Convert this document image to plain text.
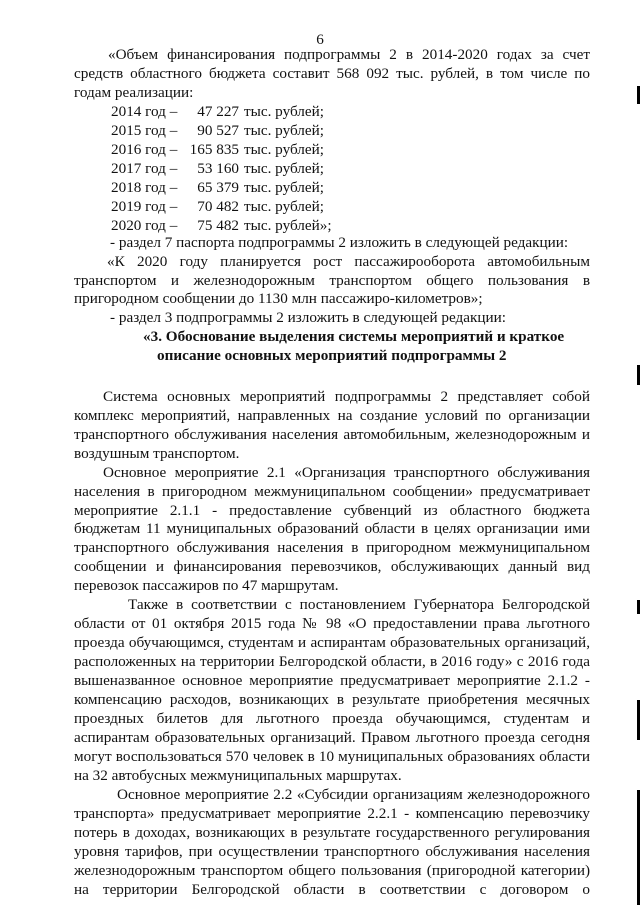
6
«Объем финансирования подпрограммы 2 в 2014-2020 годах за счет
средств областного бюджета составит 568 092 тыс. рублей, в том числе по
годам реализации:
2014 год – 47 227 тыс. рублей;
2015 год – 90 527 тыс. рублей;
2016 год – 165 835 тыс. рублей;
2017 год – 53 160 тыс. рублей;
2018 год – 65 379 тыс. рублей;
2019 год – 70 482 тыс. рублей;
2020 год – 75 482 тыс. рублей»;
- раздел 7 паспорта подпрограммы 2 изложить в следующей редакции:
«К 2020 году планируется рост пассажирооборота автомобильным
транспортом и железнодорожным транспортом общего пользования в
пригородном сообщении до 1130 млн пассажиро-километров»;
- раздел 3 подпрограммы 2 изложить в следующей редакции:
«3. Обоснование выделения системы мероприятий и краткое
описание основных мероприятий подпрограммы 2
Система основных мероприятий подпрограммы 2 представляет собой
комплекс мероприятий, направленных на создание условий по организации
транспортного обслуживания населения автомобильным, железнодорожным и
воздушным транспортом.
Основное мероприятие 2.1 «Организация транспортного обслуживания
населения в пригородном межмуниципальном сообщении» предусматривает
мероприятие 2.1.1 - предоставление субвенций из областного бюджета
бюджетам 11 муниципальных образований области в целях организации ими
транспортного обслуживания населения в пригородном межмуниципальном
сообщении и финансирования перевозчиков, обслуживающих данный вид
перевозок пассажиров по 47 маршрутам.
Также в соответствии с постановлением Губернатора Белгородской
области от 01 октября 2015 года № 98 «О предоставлении права льготного
проезда обучающимся, студентам и аспирантам образовательных организаций,
расположенных на территории Белгородской области, в 2016 году» с 2016 года
вышеназванное основное мероприятие предусматривает мероприятие 2.1.2 -
компенсацию расходов, возникающих в результате приобретения месячных
проездных билетов для льготного проезда обучающимся, студентам и
аспирантам образовательных организаций. Правом льготного проезда сегодня
могут воспользоваться 570 человек в 10 муниципальных образованиях области
на 32 автобусных межмуниципальных маршрутах.
Основное мероприятие 2.2 «Субсидии организациям железнодорожного
транспорта» предусматривает мероприятие 2.2.1 - компенсацию перевозчику
потерь в доходах, возникающих в результате государственного регулирования
уровня тарифов, при осуществлении транспортного обслуживания населения
железнодорожным транспортом общего пользования (пригородной категории)
на территории Белгородской области в соответствии с договором о
